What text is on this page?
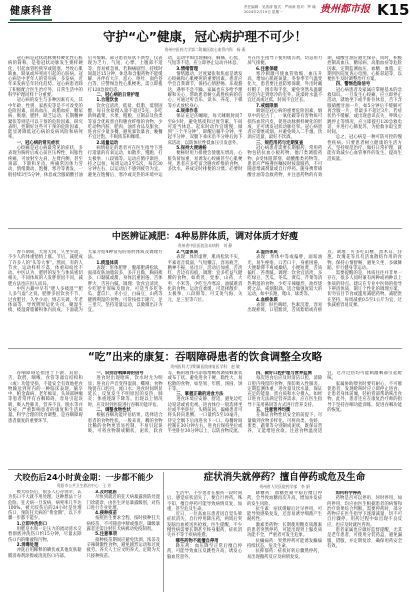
健康科普	责任编辑：吴善涛 版式：严雨涛 校对：罗 瑜
2024年2月19日 星期一	贵州都市报 K15
守护“心”健康，冠心病护理不可少！
贵州中医药大学第二附属医院心血管内科　杨 燕

冠心病是冠状动脉粥样硬化性心脏病的简称，是指冠状动脉发生粥样硬化，引起血管腔狭窄或阻塞，导致心肌缺血、缺氧或坏死而引起的心脏病。冠心病是中老年人的常见病、多发病，近年来发病呈年轻化趋势。冠心病患者除了积极配合医生治疗外，日常生活中的科学护理同样十分重要。

冠心病的发生与多种因素有关，其中年龄、性别、家族史等是不可改变的危险因素，而高血压、高脂血症、糖尿病、吸烟、肥胖、缺乏运动、长期精神紧张等则是可以干预的危险因素。研究表明，控制好这些可干预的危险因素，能显著降低冠心病的发病风险和病死率。

一、冠心病的常见症状

心绞痛是冠心病最常见的症状，多表现为胸骨后或心前区压榨性、闷胀性疼痛，可放射至左肩、左臂内侧，甚至颈部、下颌和牙齿。疼痛常因体力劳动、情绪激动、饱餐、寒冷等诱发，一般持续3至5分钟，休息或含服硝酸甘油后可缓解。部分患者症状不典型，仅表现为乏力、气短、心悸、上腹部不适等，容易被忽视。若胸痛剧烈、持续时间超过15分钟，休息和含服药物不能缓解，并伴有大汗、恶心、呕吐、面色苍白等，应警惕急性心肌梗死，需立即拨打120急救电话。

二、冠心病的日常护理

1.合理饮食

饮食宜清淡、低盐、低脂、低胆固醇，每日食盐摄入量不超过5克。多吃新鲜蔬菜、水果、粗粮、豆制品及鱼类等富含优质蛋白和膳食纤维的食物，少吃动物内脏、肥肉、油炸食品及甜食。进食应少量多餐，避免暴饮暴食，晚餐不宜过饱。不喝浓茶和咖啡。

2.适量运动

病情稳定的患者可在医生指导下进行适量的有氧运动，如散步、慢跑、打太极拳、八段锦等。运动应循序渐进、持之以恒，每周运动3至5次，每次30分钟左右，以运动后不感到疲劳为宜。避免在饱餐后、寒冷或炎热的环境中运动，运动中如出现胸闷、胸痛、心慌、气短等不适，应立即停止运动并休息。

3.情绪管理

情绪激动、过度紧张和焦虑是诱发心绞痛和心肌梗死的重要因素。患者应学会自我调节，保持心情舒畅、乐观豁达，遇事不急不躁。家属也应多给予理解和关心，帮助患者树立战胜疾病的信心。可通过听音乐、读书、养花、下棋等方式放松身心。

4.规律作息

保证充足的睡眠，每天睡眠时间7至8小时，避免熬夜和过度劳累。午间可适当休息。起床时动作宜缓慢，做到“三个半分钟”，即醒后躺半分钟、坐起半分钟、双腿下垂床沿半分钟后再下床活动，以防体位性低血压引发意外。

5.保持大便通畅

便秘时用力排便会使腹压增高、心脏负荷加重，易诱发心绞痛甚至心肌梗死。患者应多吃富含膳食纤维的食物，多饮水，养成定时排便的习惯。必要时可在医生指导下使用缓泻剂，切忌用力屏气排便。

6.注意保暖

寒冷刺激可使血管收缩、血压升高，增加心肌耗氧量。冬春季节气温变化大，患者要注意防寒保暖，外出时戴好帽子、围巾和手套，避免突然从温暖的室内走到寒冷的室外。洗澡时水温不宜过高或过低，时间不宜过长。

7.戒烟限酒

吸烟是冠心病的重要危险因素，烟草中的尼古丁、一氧化碳等有害物质可损伤血管内皮，促进动脉粥样硬化的形成，还可诱发冠状动脉痉挛。冠心病患者应彻底戒烟，并避免吸入二手烟。饮酒应适量，最好不饮酒。

三、规范用药与定期复查

冠心病患者需要长期服药，常用药物包括抗血小板药物、他汀类调脂药物、β受体阻滞剂、硝酸酯类药物等。患者应严格遵医嘱按时按量服药，不可随意增减剂量或自行停药。随身携带硝酸甘油等急救药物，并注意药物的有效期，硝酸甘油应避光保存。同时，积极控制高血压、糖尿病、高脂血症等危险因素，定期监测血压、血糖、血脂，定期到医院复查心电图、心脏彩超等，以便医生及时调整治疗方案。

四、警惕危险信号

冠心病患者及家属应掌握基本的急救知识。一旦发生心绞痛，应立即停止活动，就地坐下或半卧位休息，舌下含服硝酸甘油一片，如5分钟后不缓解可再含服一片，但最多不超过3片。若症状仍不缓解，或出现意识丧失、呼吸心跳停止等情况，应立即拨打120急救电话，并进行心肺复苏，为抢救争取宝贵时间。

总之，冠心病是一种可防可控的慢性疾病。只要患者树立健康的生活方式，坚持规范治疗，做好日常护理，就能有效减少心血管事件的发生，提高生活质量。

中医辨证减肥：4种易胖体质，调对体质才好瘦
贵州省中医医院治未病科　刘 静

春节期间，大鱼大肉、久坐少动，不少人的体重悄悄上涨。节后，减肥成了许多人的“头等大事”。然而，有的人节食、运动样样不落，体重却纹丝不动。中医认为，肥胖的发生与体质密切相关，不同体质的人发胖原因不同，减肥方法也应因人而异。

中医古籍中早有“肥人多痰湿”“肥人多气虚”之说。肥胖多因饮食不节、过食肥甘、久坐少动、情志失调、年老体弱等，导致脾胃运化失司，聚湿生痰，痰湿膏脂蓄积体内而成。下面就为大家介绍4种常见的易胖体质及调理方法。

1.痰湿体质

表现：形体肥胖，腹部肥满松软，面部皮肤油脂较多，多汗且黏，胸闷痰多，口黏腻或甜，身体沉重困倦，舌体胖大、舌苔白腻。调理：饮食宜清淡，少吃肥甘厚味及甜食，可适当多吃冬瓜、薏苡仁、赤小豆、白扁豆、山药等健脾利湿的食物。可常按揉丰隆穴、足三里穴。坚持适量运动，以微微出汗为宜。

2.气虚体质

表现：体形虚胖，肌肉松软不实，平素语音低弱，气短懒言，容易疲乏，精神不振，易出汗，活动后加重，舌淡红、舌边有齿痕。调理：宜多吃益气健脾的食物，如黄芪、党参、山药、大枣、小米等，少吃生冷寒凉、油腻难消化的食物。运动宜柔缓，可选择散步、太极拳、八段锦等。可艾灸气海、关元、足三里等穴位。

3.湿热体质

表现：形体中等或偏胖，面垢油光，易生痤疮，口苦口干，身重困倦，大便黏滞不爽或燥结，小便短黄，舌质偏红、苔黄腻。调理：饮食宜清淡，多吃绿豆、苦瓜、冬瓜、黄瓜、芹菜等清热利湿的食物，少吃辛辣燥烈、油炸烧烤之品，戒烟限酒。适合做强度较大的运动，如中长跑、爬山、球类等。

4.血瘀体质

表现：肤色晦暗，色素沉着，容易出现瘀斑，口唇黯淡，舌质紫暗或有瘀点。调理：可多吃山楂、黑木耳、洋葱、玫瑰花等具有活血散结作用的食物。保持心情舒畅，避免久坐，多做舞蹈、步行健身等运动。

需要提醒的是，体质往往并非单一存在，很多人同时兼有两种或两种以上体质的特点。建议在专业中医师的指导下辨清体质，制订个性化的调理方案，切勿盲目节食或滥用减肥药物。减肥贵在坚持，每周减重0.5至1公斤为宜，过快减重容易反弹。

“吃”出来的康复：吞咽障碍患者的饮食调整全攻略
贵州医科大学附属医院康复医学科　赵 敏

吞咽障碍是指由于下颌、双唇、舌、软腭、咽喉、食管等器官结构和（或）功能受损，不能安全有效地把食物输送到胃内的一种临床表现。脑卒中、帕金森病、老年痴呆、头颈部肿瘤等患者常伴有吞咽障碍，容易引起误吸、吸入性肺炎、营养不良、脱水等并发症，严重影响患者的康复和生活质量。科学合理的饮食调整，是吞咽障碍患者康复的重要环节。

一、识别吞咽障碍的信号

进食时出现呛咳，饮水时尤为明显；进食后声音变得湿润、嘶哑；食物残留在口腔内，流口水；进食时间明显延长；反复发生不明原因的发热、肺炎；体重逐渐下降等。出现以上情况时，应及时到医院进行吞咽功能评估。

二、调整食物性状

根据吞咽功能评估结果，选择适合患者的食物性状。一般来说，稠的食物比稀的食物更容易控制，不易引起误吸。可将食物制成糊状、泥状、软食等，稀的液体可添加增稠剂调成蜂蜜状或布丁状。避免进食干硬、黏性大、易松散的食物，如坚果、年糕、汤圆、饼干等。

三、掌握正确的进食方法

进食环境应安静、舒适，避免边吃边说话或看电视。进食体位一般选择坐位或半坐卧位，头稍前屈，偏瘫患者可将头转向患侧。一口量约5至10毫升，待完全咽下后再进食下一口。每餐时间控制在30分钟左右。进食后保持坐位或半坐卧位30分钟以上，以防食物反流。

四、做好口腔护理与营养监测

每次进食后应及时清洁口腔，清除口腔内残留的食物，预防吸入性肺炎。定期监测体重、进食量及饮水量，保证充足的能量、蛋白质和水分摄入。如经口进食无法满足营养需求，应在医生指导下采用鼻饲等方式进行营养支持。

五、注意营养均衡

在保证食物性状安全的前提下，尽量做到食物多样化。可将肉类、鱼虾、蛋类、蔬菜等分别制成泥状，既保证营养，又能增进食欲。注意食物温度适宜，过冷过热均可能刺激咽部引起呛咳。

家属协助喂食时要有耐心，不可催促患者，发现呛咳时应立即停止进食，让患者身体前倾，轻拍背部帮助咳出食物。此外，患者还应在康复治疗师的指导下坚持吞咽功能训练，促进吞咽功能的恢复。

犬咬伤后24小时黄金期：一步都不能少
贵阳市公共卫生救治中心　王 芳

被犬咬伤后，很多人心存侥幸，认为伤口不大就不用处理，这种想法十分危险。狂犬病一旦发病，病死率几乎达100%。被犬咬伤后的24小时是处理伤口、预防狂犬病的“黄金期”，以下步骤一步都不能少。

1.立即冲洗伤口

用肥皂水和一定压力的流动清水交替彻底冲洗伤口约15分钟，尽量去除伤口内的唾液和污物。

2.消毒处理

冲洗后用稀释的碘伏或其他皮肤黏膜消毒剂涂擦或清洗伤口内部。

3.及时就医

尽快到就近的狂犬病暴露预防处置门诊就诊，由医生评估暴露级别，对伤口进行专业处理。

4.接种疫苗

按照医生要求全程、按时接种狂犬病疫苗，不可随意中断或推迟。Ⅲ级暴露者还需注射狂犬病被动免疫制剂。

5.注意事项

接种疫苗期间应避免饮酒、浓茶及辛辣刺激性食物，避免剧烈运动和过度疲劳。养犬人士应文明养犬，定期为犬只接种疫苗。

症状消失就停药？擅自停药或危及生命
贵州省人民医院药学部　李 娟

生活中，不少患者在服药一段时间后，感觉症状消失了，便自行停药。殊不知，擅自停药可能导致病情反复、加重，甚至危及生命。

近日，一位高血压患者因自觉头晕症状消失，自行停用降压药，两周后突发脑出血被送医抢救。医生提醒，不少慢性病需要长期甚至终身服药，症状消失并不等于疾病痊愈。

哪些药物不能擅自停用

降压药：血压降至正常后擅自停药，可能导致血压反跳性升高，诱发心脑血管意外。

降糖药：血糖控制平稳后擅自停药，会导致血糖再次升高，增加并发症的发生风险。

抗生素：症状缓解后过早停用，可能导致感染复发，还容易诱导细菌产生耐药性。

激素类药物：长期使用糖皮质激素的患者突然停药，可能出现肾上腺皮质功能不全，严重者可发生危象。

抗癫痫药：突然停药可能诱发癫痫持续状态，危及生命。

抗抑郁药：症状好转后骤然停药，易出现撤药反应及病情复发。

如何科学停药

药物是否可以停用、何时停用、如何停用，均应由医生根据患者的病情和治疗效果综合判断。需要停药时，部分药物应在医生指导下逐渐减量，切不可自行骤停。用药过程中如出现不良反应，也应及时就医咨询。

患者家属也应做好监督提醒，尤其是老年患者，可使用分装药盒，避免漏服、错服，并定期复诊，确保用药安全有效。
